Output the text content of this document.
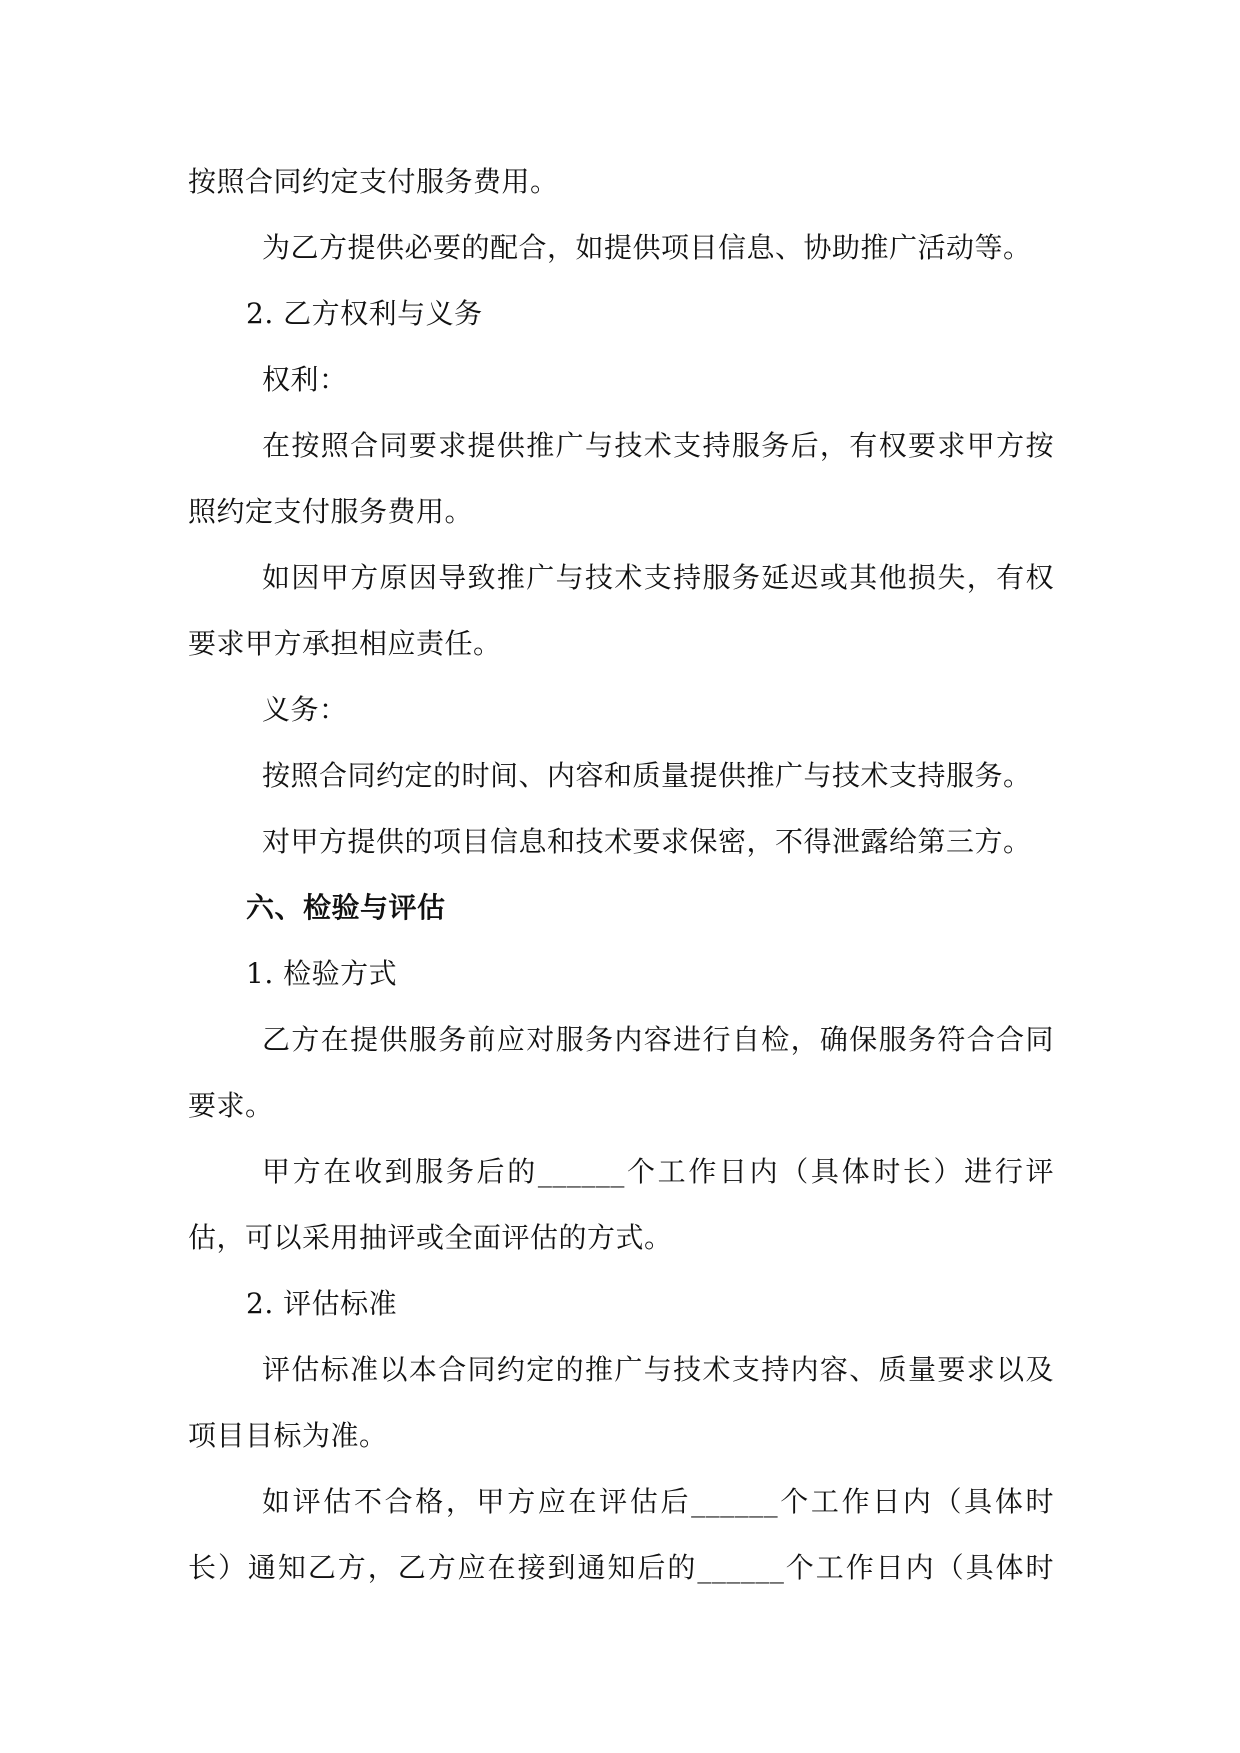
按照合同约定支付服务费用。
为乙方提供必要的配合，如提供项目信息、协助推广活动等。
2. 乙方权利与义务
权利：
在按照合同要求提供推广与技术支持服务后，有权要求甲方按
照约定支付服务费用。
如因甲方原因导致推广与技术支持服务延迟或其他损失，有权
要求甲方承担相应责任。
义务：
按照合同约定的时间、内容和质量提供推广与技术支持服务。
对甲方提供的项目信息和技术要求保密，不得泄露给第三方。
六、检验与评估
1. 检验方式
乙方在提供服务前应对服务内容进行自检，确保服务符合合同
要求。
甲方在收到服务后的______个工作日内（具体时长）进行评
估，可以采用抽评或全面评估的方式。
2. 评估标准
评估标准以本合同约定的推广与技术支持内容、质量要求以及
项目目标为准。
如评估不合格，甲方应在评估后______个工作日内（具体时
长）通知乙方，乙方应在接到通知后的______个工作日内（具体时
